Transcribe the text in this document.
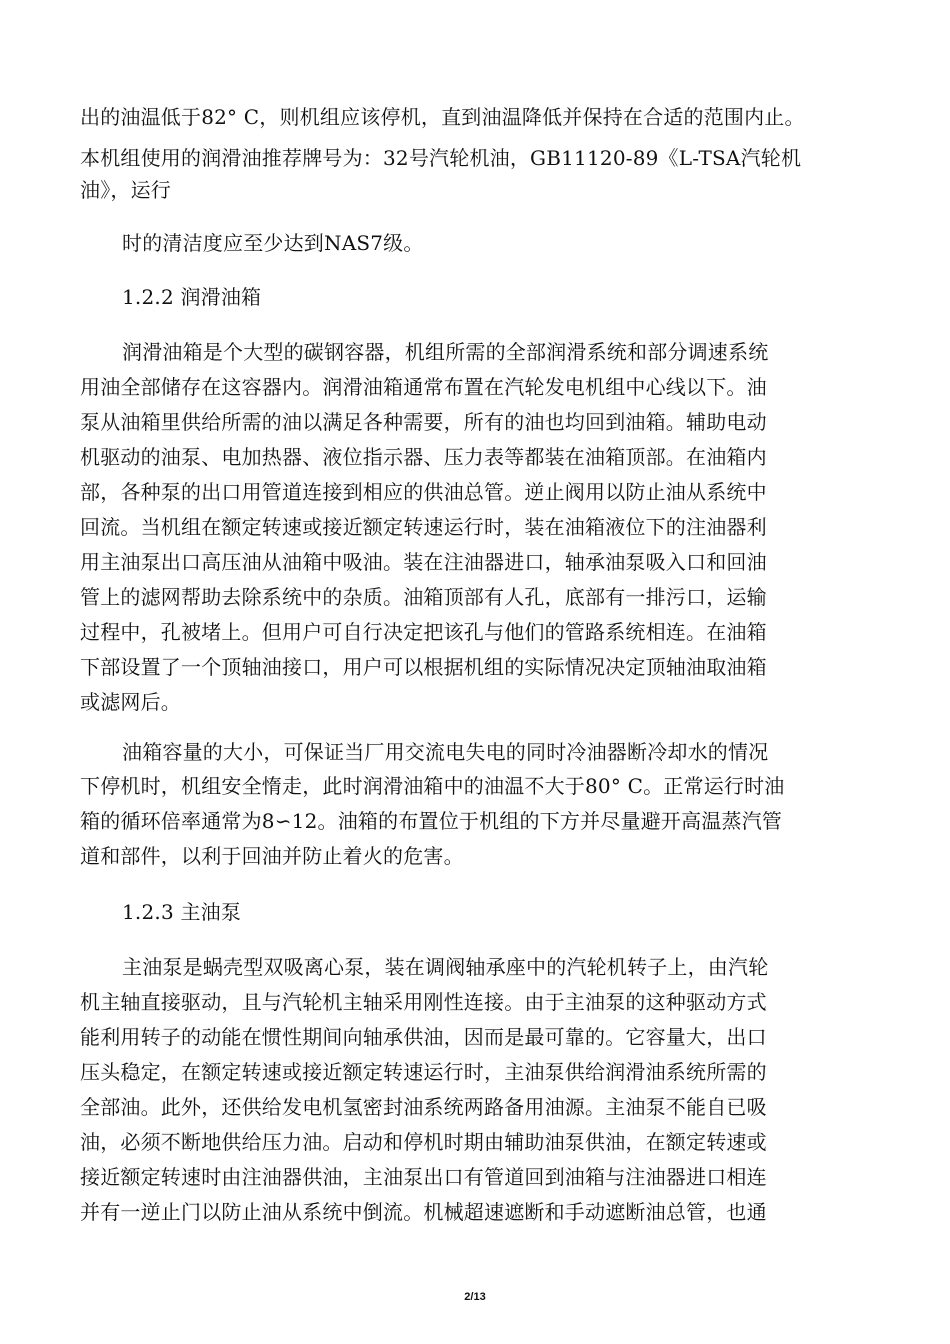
出的油温低于82° C，则机组应该停机，直到油温降低并保持在合适的范围内止。
本机组使用的润滑油推荐牌号为：32号汽轮机油，GB11120-89《L-TSA汽轮机
油》，运行
时的清洁度应至少达到NAS7级。
1.2.2 润滑油箱
润滑油箱是个大型的碳钢容器，机组所需的全部润滑系统和部分调速系统
用油全部储存在这容器内。润滑油箱通常布置在汽轮发电机组中心线以下。油
泵从油箱里供给所需的油以满足各种需要，所有的油也均回到油箱。辅助电动
机驱动的油泵、电加热器、液位指示器、压力表等都装在油箱顶部。在油箱内
部，各种泵的出口用管道连接到相应的供油总管。逆止阀用以防止油从系统中
回流。当机组在额定转速或接近额定转速运行时，装在油箱液位下的注油器利
用主油泵出口高压油从油箱中吸油。装在注油器进口，轴承油泵吸入口和回油
管上的滤网帮助去除系统中的杂质。油箱顶部有人孔，底部有一排污口，运输
过程中，孔被堵上。但用户可自行决定把该孔与他们的管路系统相连。在油箱
下部设置了一个顶轴油接口，用户可以根据机组的实际情况决定顶轴油取油箱
或滤网后。
油箱容量的大小，可保证当厂用交流电失电的同时冷油器断冷却水的情况
下停机时，机组安全惰走，此时润滑油箱中的油温不大于80° C。正常运行时油
箱的循环倍率通常为8∽12。油箱的布置位于机组的下方并尽量避开高温蒸汽管
道和部件，以利于回油并防止着火的危害。
1.2.3 主油泵
主油泵是蜗壳型双吸离心泵，装在调阀轴承座中的汽轮机转子上，由汽轮
机主轴直接驱动，且与汽轮机主轴采用刚性连接。由于主油泵的这种驱动方式
能利用转子的动能在惯性期间向轴承供油，因而是最可靠的。它容量大，出口
压头稳定，在额定转速或接近额定转速运行时，主油泵供给润滑油系统所需的
全部油。此外，还供给发电机氢密封油系统两路备用油源。主油泵不能自已吸
油，必须不断地供给压力油。启动和停机时期由辅助油泵供油，在额定转速或
接近额定转速时由注油器供油，主油泵出口有管道回到油箱与注油器进口相连
并有一逆止门以防止油从系统中倒流。机械超速遮断和手动遮断油总管，也通
2/13
